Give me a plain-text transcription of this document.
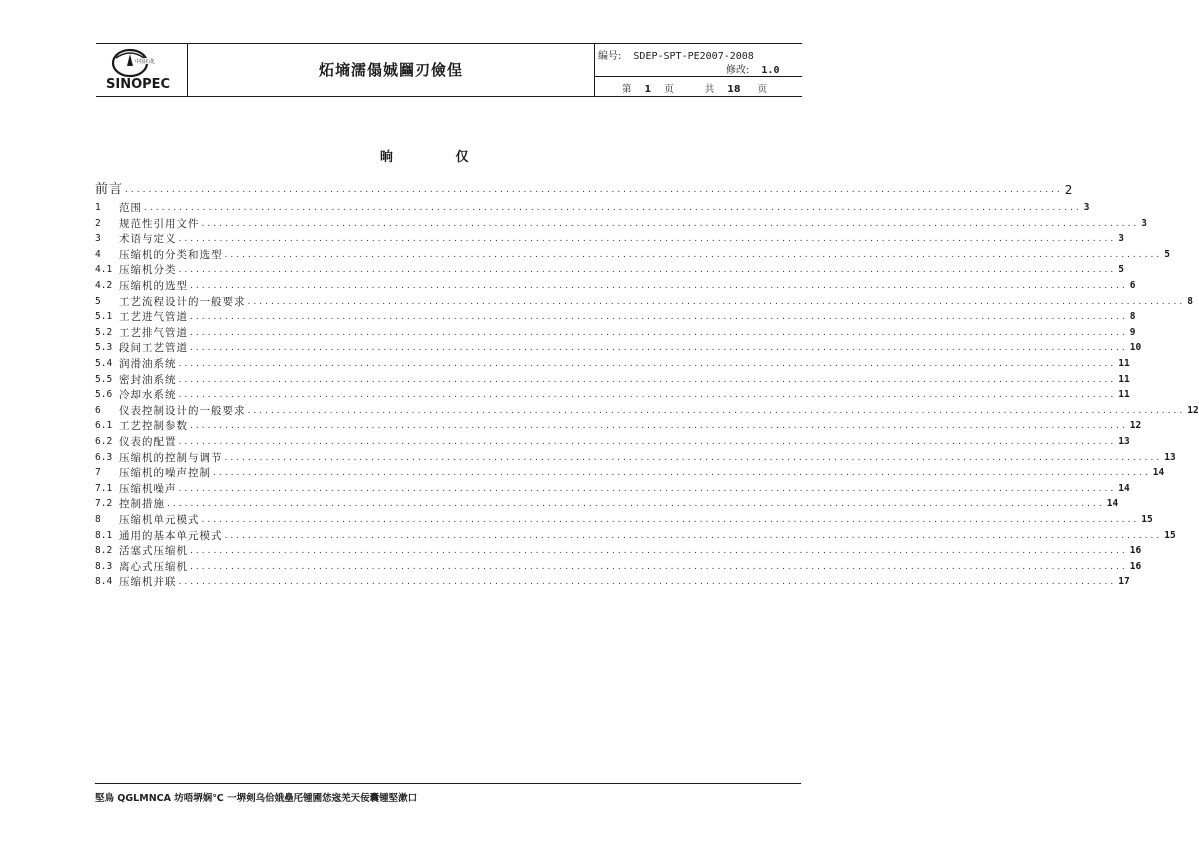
中国石化
SINOPEC
炻墒濡傝娍圝刃儉侱
编号: SDEP-SPT-PE2007-2008
修改: 1.0
第 1 页	共 18 页
晌	仅
前言 ................................................................................................................................................................ 2
1	范围 ................................................................................................................................................................ 3
2	规范性引用文件 ................................................................................................................................................................ 3
3	术语与定义 ................................................................................................................................................................ 3
4	压缩机的分类和选型 ................................................................................................................................................................ 5
4.1 压缩机分类 ................................................................................................................................................................ 5
4.2 压缩机的选型 ................................................................................................................................................................ 6
5	工艺流程设计的一般要求 ................................................................................................................................................................ 8
5.1 工艺进气管道 ................................................................................................................................................................ 8
5.2 工艺排气管道 ................................................................................................................................................................ 9
5.3 段间工艺管道 ................................................................................................................................................................ 10
5.4 润滑油系统 ................................................................................................................................................................ 11
5.5 密封油系统 ................................................................................................................................................................ 11
5.6 冷却水系统 ................................................................................................................................................................ 11
6	仪表控制设计的一般要求 ................................................................................................................................................................ 12
6.1 工艺控制参数 ................................................................................................................................................................ 12
6.2 仪表的配置 ................................................................................................................................................................ 13
6.3 压缩机的控制与调节 ................................................................................................................................................................ 13
7	压缩机的噪声控制 ................................................................................................................................................................ 14
7.1 压缩机噪声 ................................................................................................................................................................ 14
7.2 控制措施 ................................................................................................................................................................ 14
8	压缩机单元模式 ................................................................................................................................................................ 15
8.1 通用的基本单元模式 ................................................................................................................................................................ 15
8.2 活塞式压缩机 ................................................................................................................................................................ 16
8.3 离心式压缩机 ................................................................................................................................................................ 16
8.4 压缩机并联 ................................................................................................................................................................ 17
堅烏 QGLMNCA 坊唔堺娴℃ 一堺剣乌佮娥皨厇锺圃恷宼羌天佞囊锺堅漱口
